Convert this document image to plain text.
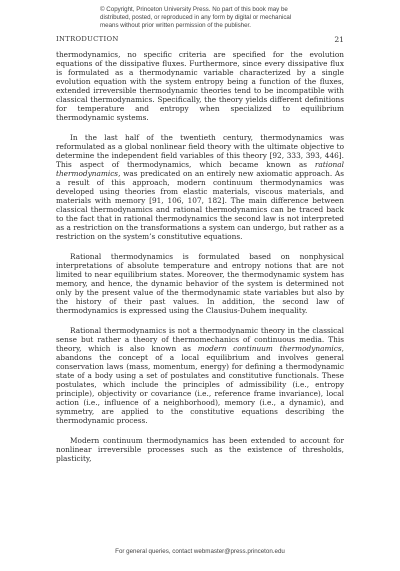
© Copyright, Princeton University Press. No part of this book may be distributed, posted, or reproduced in any form by digital or mechanical means without prior written permission of the publisher.
INTRODUCTION	21

thermodynamics, no specific criteria are specified for the evolution equations of the dissipative fluxes. Furthermore, since every dissipative flux is formulated as a thermodynamic variable characterized by a single evolution equation with the system entropy being a function of the fluxes, extended irreversible thermodynamic theories tend to be incompatible with classical thermodynamics. Specifically, the theory yields different definitions for temperature and entropy when specialized to equilibrium thermodynamic systems.

In the last half of the twentieth century, thermodynamics was reformulated as a global nonlinear field theory with the ultimate objective to determine the independent field variables of this theory [92, 333, 393, 446]. This aspect of thermodynamics, which became known as rational thermodynamics, was predicated on an entirely new axiomatic approach. As a result of this approach, modern continuum thermodynamics was developed using theories from elastic materials, viscous materials, and materials with memory [91, 106, 107, 182]. The main difference between classical thermodynamics and rational thermodynamics can be traced back to the fact that in rational thermodynamics the second law is not interpreted as a restriction on the transformations a system can undergo, but rather as a restriction on the system’s constitutive equations.

Rational thermodynamics is formulated based on nonphysical interpretations of absolute temperature and entropy notions that are not limited to near equilibrium states. Moreover, the thermodynamic system has memory, and hence, the dynamic behavior of the system is determined not only by the present value of the thermodynamic state variables but also by the history of their past values. In addition, the second law of thermodynamics is expressed using the Clausius-Duhem inequality.

Rational thermodynamics is not a thermodynamic theory in the classical sense but rather a theory of thermomechanics of continuous media. This theory, which is also known as modern continuum thermodynamics, abandons the concept of a local equilibrium and involves general conservation laws (mass, momentum, energy) for defining a thermodynamic state of a body using a set of postulates and constitutive functionals. These postulates, which include the principles of admissibility (i.e., entropy principle), objectivity or covariance (i.e., reference frame invariance), local action (i.e., influence of a neighborhood), memory (i.e., a dynamic), and symmetry, are applied to the constitutive equations describing the thermodynamic process.

Modern continuum thermodynamics has been extended to account for nonlinear irreversible processes such as the existence of thresholds, plasticity,

For general queries, contact webmaster@press.princeton.edu
